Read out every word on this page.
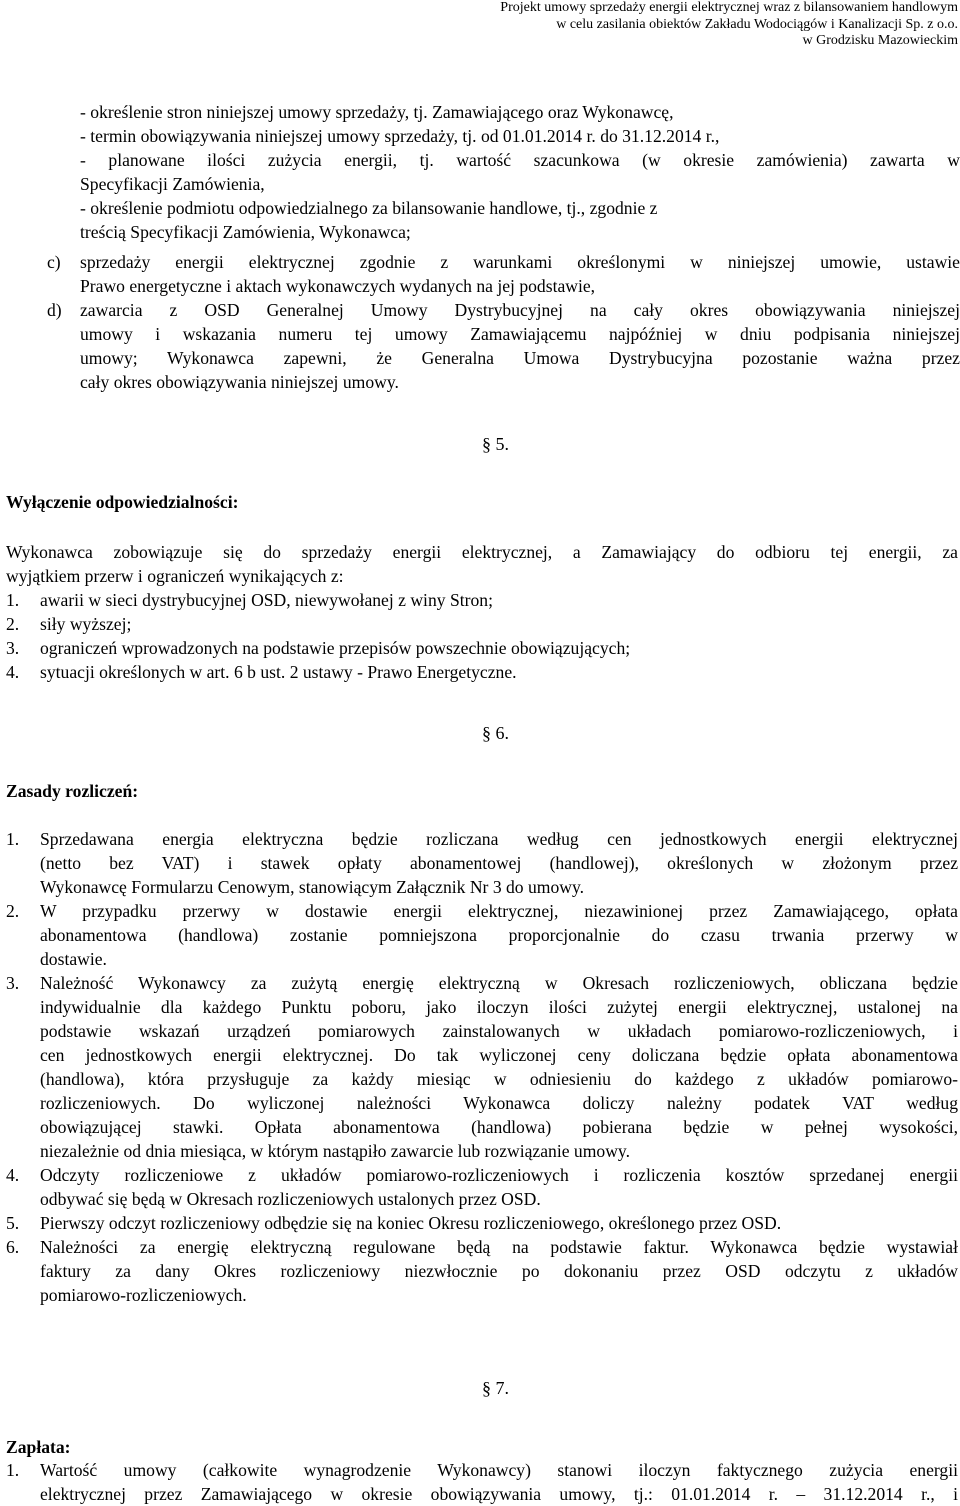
Projekt umowy sprzedaży energii elektrycznej wraz z bilansowaniem handlowym
w celu zasilania obiektów Zakładu Wodociągów i Kanalizacji Sp. z o.o.
w Grodzisku Mazowieckim
- określenie stron niniejszej umowy sprzedaży, tj. Zamawiającego oraz Wykonawcę,
- termin obowiązywania niniejszej umowy sprzedaży, tj. od 01.01.2014 r. do 31.12.2014 r.,
- planowane ilości zużycia energii, tj. wartość szacunkowa (w okresie zamówienia) zawarta w
Specyfikacji Zamówienia,
- określenie podmiotu odpowiedzialnego za bilansowanie handlowe, tj., zgodnie z
treścią Specyfikacji Zamówienia, Wykonawca;
c) sprzedaży energii elektrycznej zgodnie z warunkami określonymi w niniejszej umowie, ustawie
Prawo energetyczne i aktach wykonawczych wydanych na jej podstawie,
d) zawarcia z OSD Generalnej Umowy Dystrybucyjnej na cały okres obowiązywania niniejszej
umowy i wskazania numeru tej umowy Zamawiającemu najpóźniej w dniu podpisania niniejszej
umowy; Wykonawca zapewni, że Generalna Umowa Dystrybucyjna pozostanie ważna przez
cały okres obowiązywania niniejszej umowy.
§ 5.
Wyłączenie odpowiedzialności:
Wykonawca zobowiązuje się do sprzedaży energii elektrycznej, a Zamawiający do odbioru tej energii, za
wyjątkiem przerw i ograniczeń wynikających z:
1. awarii w sieci dystrybucyjnej OSD, niewywołanej z winy Stron;
2. siły wyższej;
3. ograniczeń wprowadzonych na podstawie przepisów powszechnie obowiązujących;
4. sytuacji określonych w art. 6 b ust. 2 ustawy - Prawo Energetyczne.
§ 6.
Zasady rozliczeń:
1. Sprzedawana energia elektryczna będzie rozliczana według cen jednostkowych energii elektrycznej
(netto bez VAT) i stawek opłaty abonamentowej (handlowej), określonych w złożonym przez
Wykonawcę Formularzu Cenowym, stanowiącym Załącznik Nr 3 do umowy.
2. W przypadku przerwy w dostawie energii elektrycznej, niezawinionej przez Zamawiającego, opłata
abonamentowa (handlowa) zostanie pomniejszona proporcjonalnie do czasu trwania przerwy w
dostawie.
3. Należność Wykonawcy za zużytą energię elektryczną w Okresach rozliczeniowych, obliczana będzie
indywidualnie dla każdego Punktu poboru, jako iloczyn ilości zużytej energii elektrycznej, ustalonej na
podstawie wskazań urządzeń pomiarowych zainstalowanych w układach pomiarowo-rozliczeniowych, i
cen jednostkowych energii elektrycznej. Do tak wyliczonej ceny doliczana będzie opłata abonamentowa
(handlowa), która przysługuje za każdy miesiąc w odniesieniu do każdego z układów pomiarowo-
rozliczeniowych. Do wyliczonej należności Wykonawca doliczy należny podatek VAT według
obowiązującej stawki. Opłata abonamentowa (handlowa) pobierana będzie w pełnej wysokości,
niezależnie od dnia miesiąca, w którym nastąpiło zawarcie lub rozwiązanie umowy.
4. Odczyty rozliczeniowe z układów pomiarowo-rozliczeniowych i rozliczenia kosztów sprzedanej energii
odbywać się będą w Okresach rozliczeniowych ustalonych przez OSD.
5. Pierwszy odczyt rozliczeniowy odbędzie się na koniec Okresu rozliczeniowego, określonego przez OSD.
6. Należności za energię elektryczną regulowane będą na podstawie faktur. Wykonawca będzie wystawiał
faktury za dany Okres rozliczeniowy niezwłocznie po dokonaniu przez OSD odczytu z układów
pomiarowo-rozliczeniowych.
§ 7.
Zapłata:
1. Wartość umowy (całkowite wynagrodzenie Wykonawcy) stanowi iloczyn faktycznego zużycia energii
elektrycznej przez Zamawiającego w okresie obowiązywania umowy, tj.: 01.01.2014 r. – 31.12.2014 r., i
